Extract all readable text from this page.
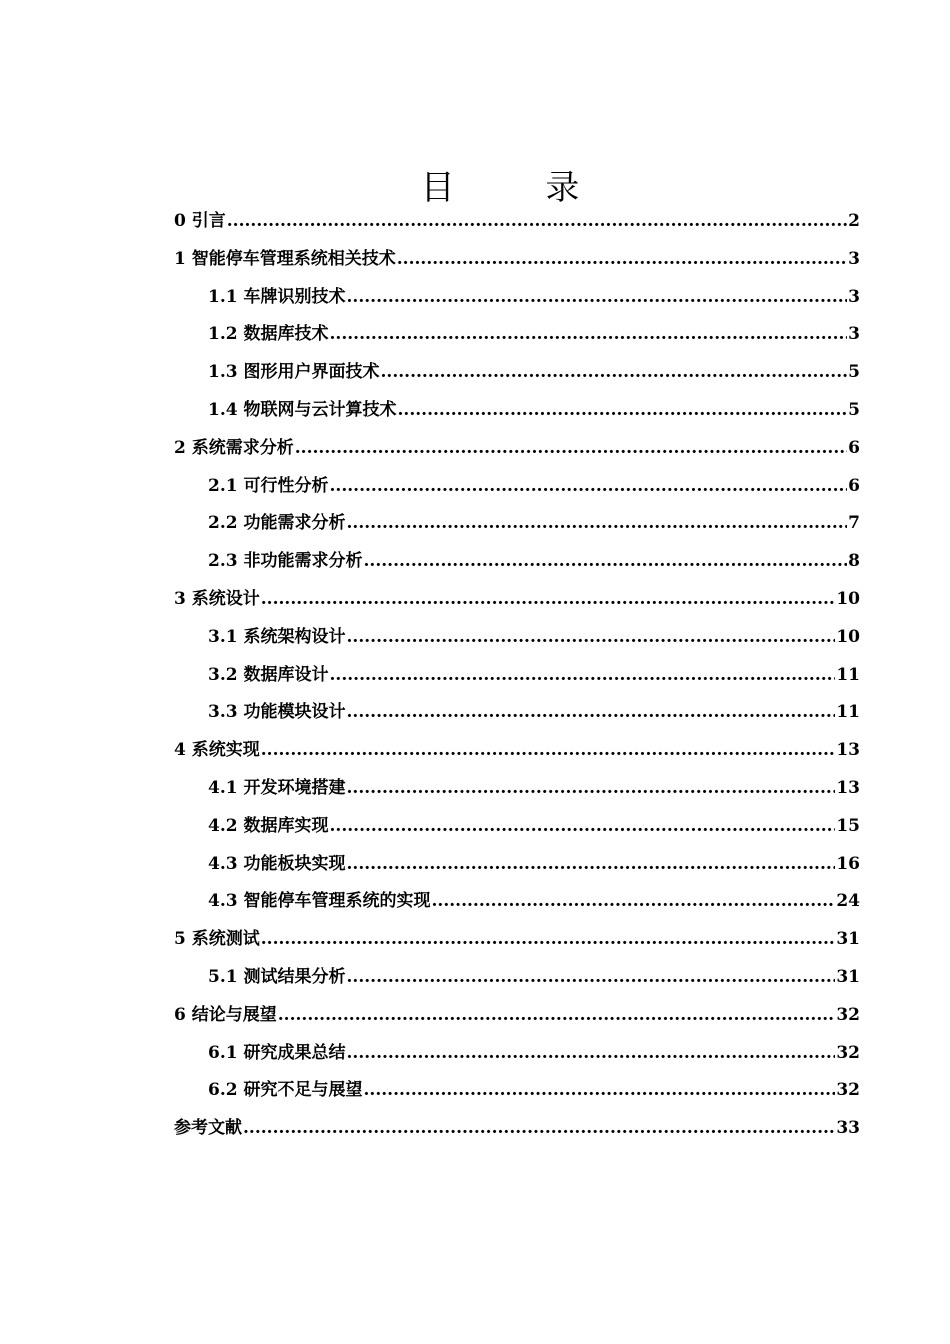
目 录
0 引言 .....	2
1 智能停车管理系统相关技术 .....	3
1.1 车牌识别技术 .....	3
1.2 数据库技术 .....	3
1.3 图形用户界面技术 .....	5
1.4 物联网与云计算技术 .....	5
2 系统需求分析 .....	6
2.1 可行性分析 .....	6
2.2 功能需求分析 .....	7
2.3 非功能需求分析 .....	8
3 系统设计 .....	10
3.1 系统架构设计 .....	10
3.2 数据库设计 .....	11
3.3 功能模块设计 .....	11
4 系统实现 .....	13
4.1 开发环境搭建 .....	13
4.2 数据库实现 .....	15
4.3 功能板块实现 .....	16
4.3 智能停车管理系统的实现 .....	24
5 系统测试 .....	31
5.1 测试结果分析 .....	31
6 结论与展望 .....	32
6.1 研究成果总结 .....	32
6.2 研究不足与展望 .....	32
参考文献 .....	33
